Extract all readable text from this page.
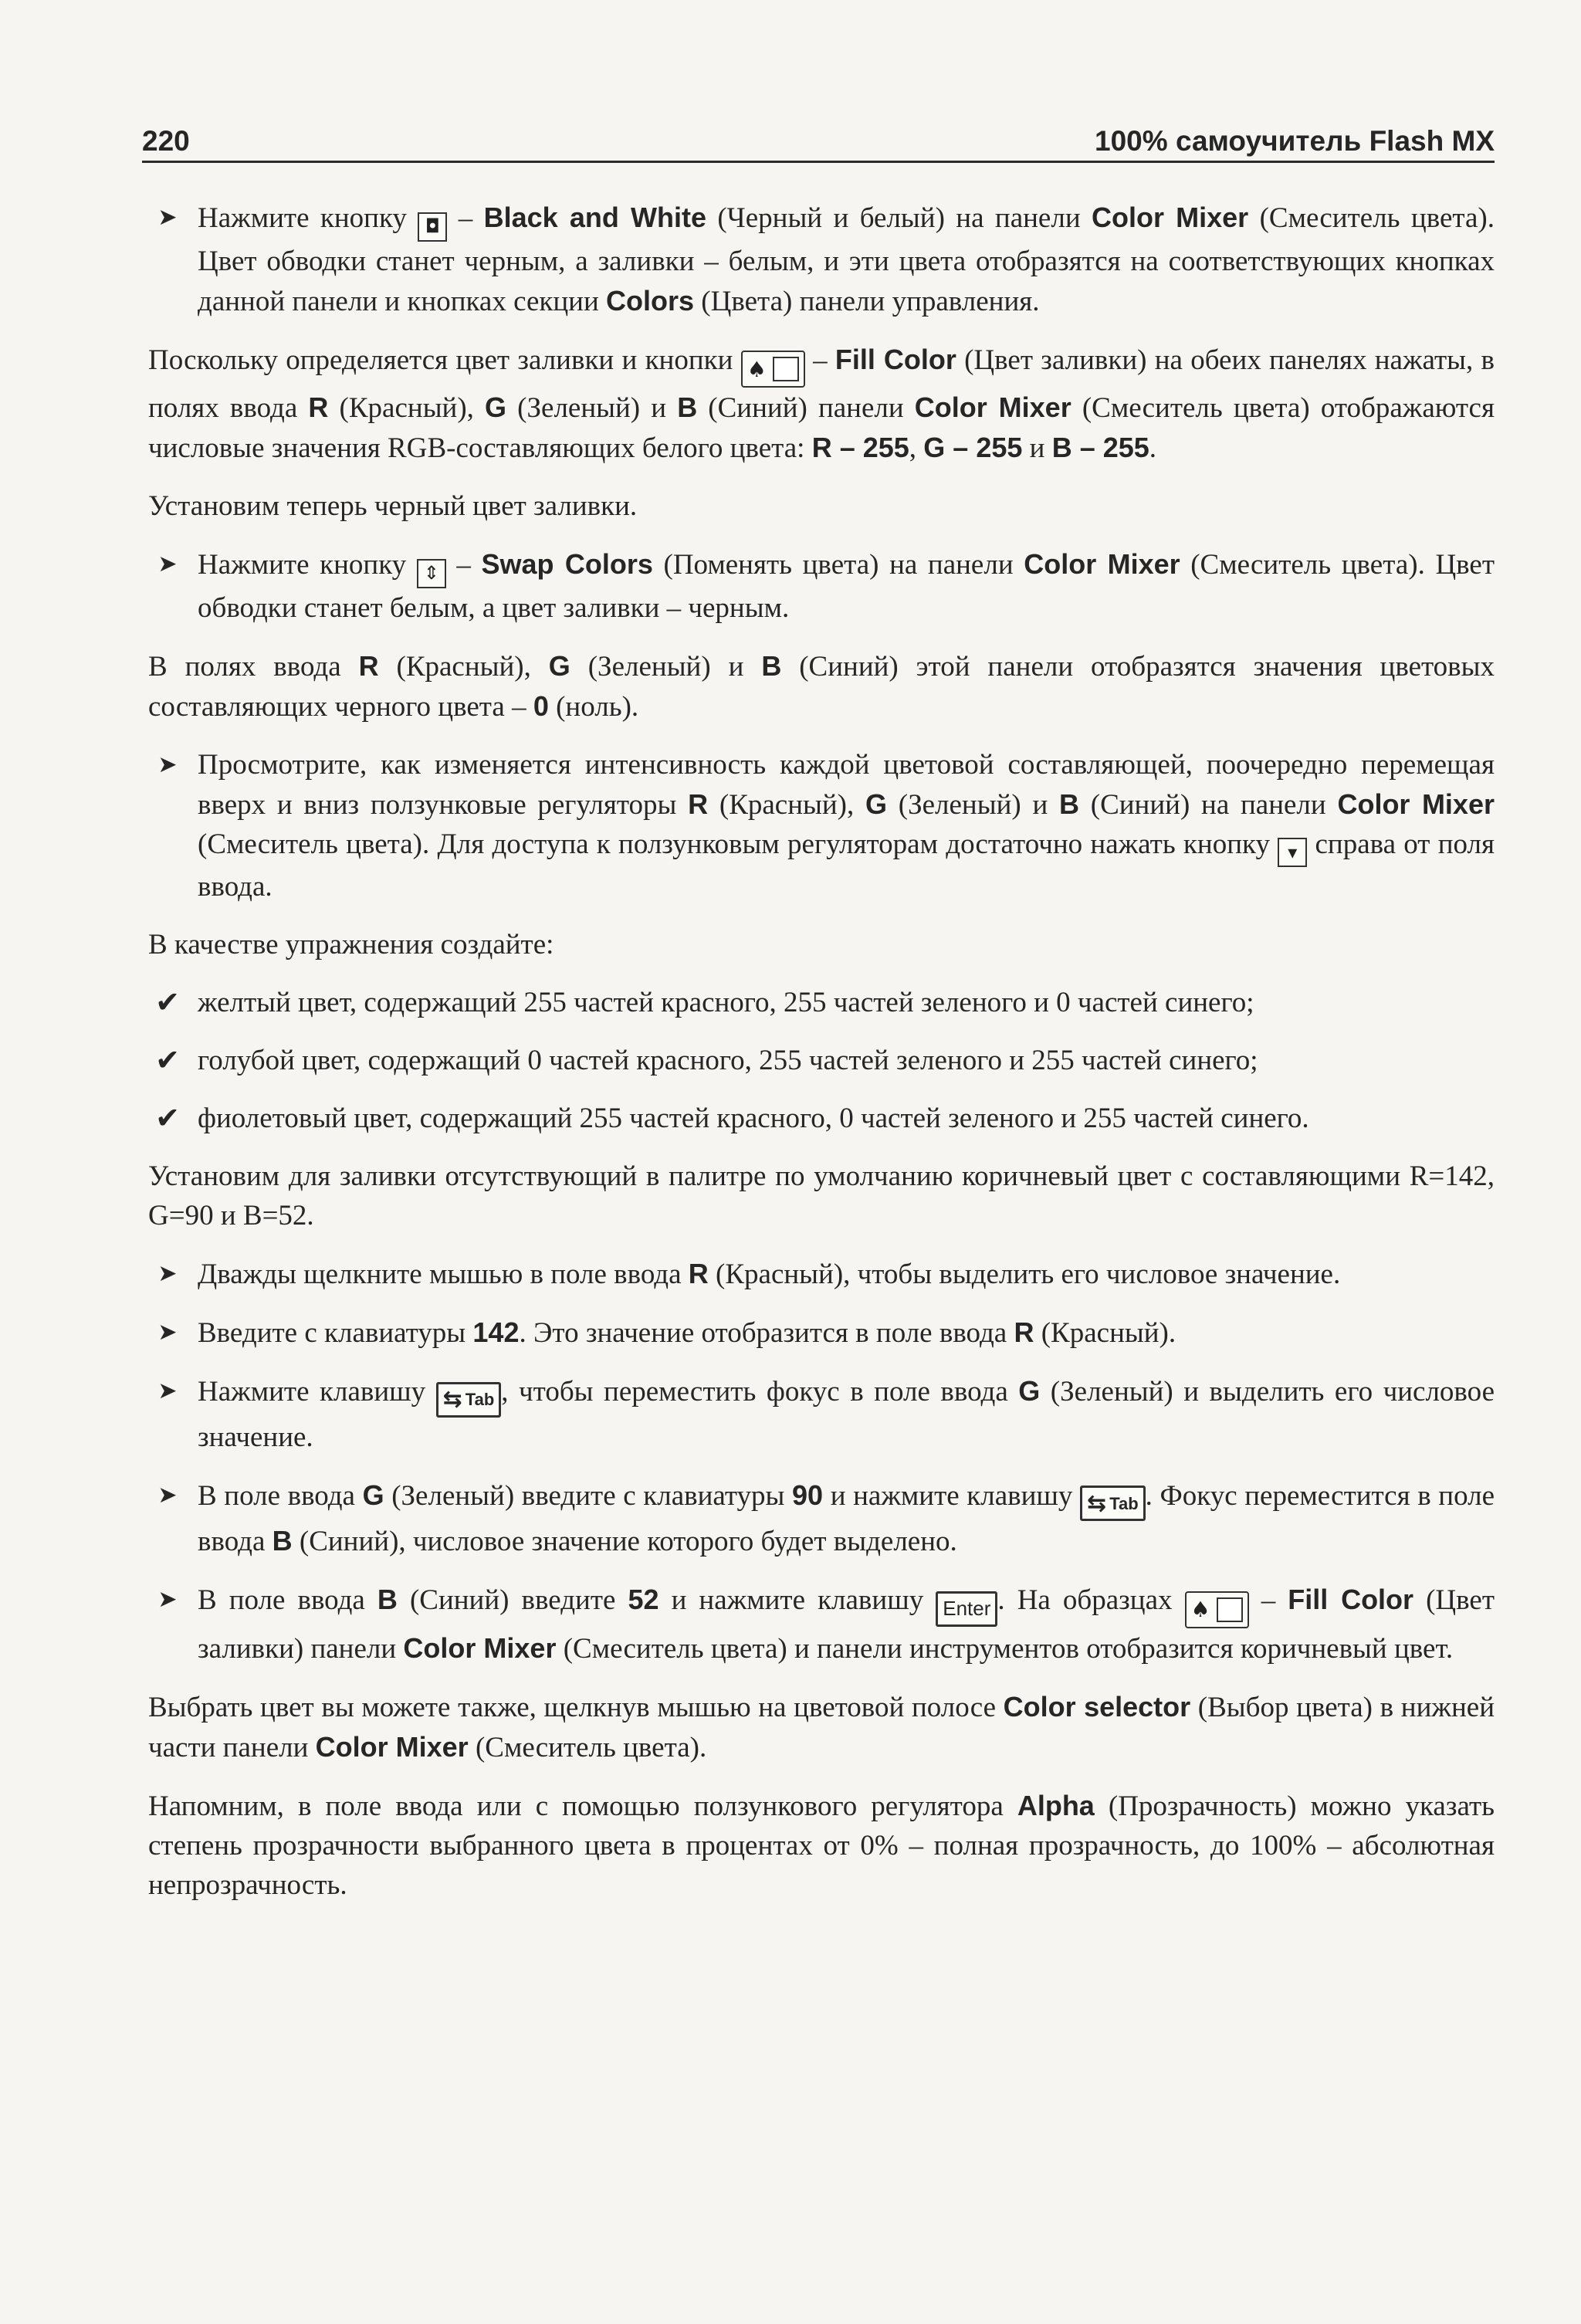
220	100% самоучитель Flash MX
➤ Нажмите кнопку ◘ – Black and White (Черный и белый) на панели Color Mixer (Смеситель цвета). Цвет обводки станет черным, а заливки – белым, и эти цвета отобразятся на соответствующих кнопках данной панели и кнопках секции Colors (Цвета) панели управления.
Поскольку определяется цвет заливки и кнопки ♠ – Fill Color (Цвет заливки) на обеих панелях нажаты, в полях ввода R (Красный), G (Зеленый) и B (Синий) панели Color Mixer (Смеситель цвета) отображаются числовые значения RGB-составляющих белого цвета: R – 255, G – 255 и B – 255.
Установим теперь черный цвет заливки.
➤ Нажмите кнопку ⇕ – Swap Colors (Поменять цвета) на панели Color Mixer (Смеситель цвета). Цвет обводки станет белым, а цвет заливки – черным.
В полях ввода R (Красный), G (Зеленый) и B (Синий) этой панели отобразятся значения цветовых составляющих черного цвета – 0 (ноль).
➤ Просмотрите, как изменяется интенсивность каждой цветовой составляющей, поочередно перемещая вверх и вниз ползунковые регуляторы R (Красный), G (Зеленый) и B (Синий) на панели Color Mixer (Смеситель цвета). Для доступа к ползунковым регуляторам достаточно нажать кнопку ▾ справа от поля ввода.
В качестве упражнения создайте:
✔ желтый цвет, содержащий 255 частей красного, 255 частей зеленого и 0 частей синего;
✔ голубой цвет, содержащий 0 частей красного, 255 частей зеленого и 255 частей синего;
✔ фиолетовый цвет, содержащий 255 частей красного, 0 частей зеленого и 255 частей синего.
Установим для заливки отсутствующий в палитре по умолчанию коричневый цвет с составляющими R=142, G=90 и B=52.
➤ Дважды щелкните мышью в поле ввода R (Красный), чтобы выделить его числовое значение.
➤ Введите с клавиатуры 142. Это значение отобразится в поле ввода R (Красный).
➤ Нажмите клавишу ⇆ Tab , чтобы переместить фокус в поле ввода G (Зеленый) и выделить его числовое значение.
➤ В поле ввода G (Зеленый) введите с клавиатуры 90 и нажмите клавишу ⇆ Tab . Фокус переместится в поле ввода B (Синий), числовое значение которого будет выделено.
➤ В поле ввода B (Синий) введите 52 и нажмите клавишу Enter . На образцах ♠ – Fill Color (Цвет заливки) панели Color Mixer (Смеситель цвета) и панели инструментов отобразится коричневый цвет.
Выбрать цвет вы можете также, щелкнув мышью на цветовой полосе Color selector (Выбор цвета) в нижней части панели Color Mixer (Смеситель цвета).
Напомним, в поле ввода или с помощью ползункового регулятора Alpha (Прозрачность) можно указать степень прозрачности выбранного цвета в процентах от 0% – полная прозрачность, до 100% – абсолютная непрозрачность.
